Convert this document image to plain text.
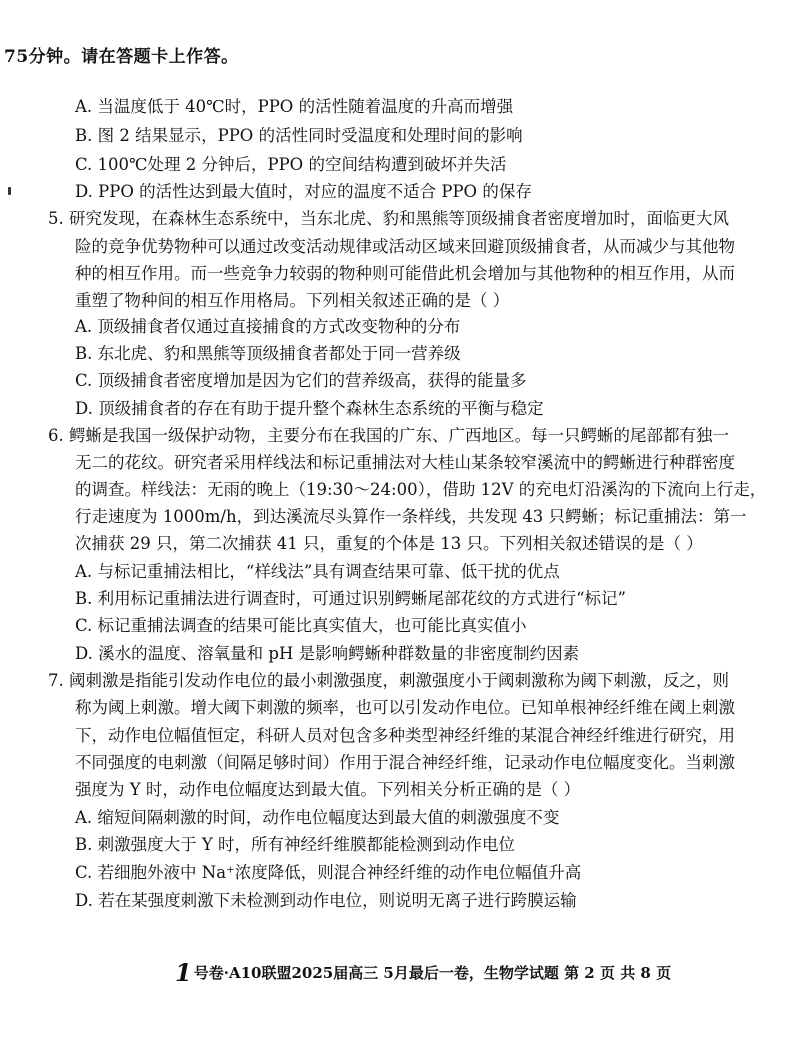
75分钟。请在答题卡上作答。
A. 当温度低于 40℃时，PPO 的活性随着温度的升高而增强
B. 图 2 结果显示，PPO 的活性同时受温度和处理时间的影响
C. 100℃处理 2 分钟后，PPO 的空间结构遭到破坏并失活
D. PPO 的活性达到最大值时，对应的温度不适合 PPO 的保存
5. 研究发现，在森林生态系统中，当东北虎、豹和黑熊等顶级捕食者密度增加时，面临更大风
险的竞争优势物种可以通过改变活动规律或活动区域来回避顶级捕食者，从而减少与其他物
种的相互作用。而一些竞争力较弱的物种则可能借此机会增加与其他物种的相互作用，从而
重塑了物种间的相互作用格局。下列相关叙述正确的是（ ）
A. 顶级捕食者仅通过直接捕食的方式改变物种的分布
B. 东北虎、豹和黑熊等顶级捕食者都处于同一营养级
C. 顶级捕食者密度增加是因为它们的营养级高，获得的能量多
D. 顶级捕食者的存在有助于提升整个森林生态系统的平衡与稳定
6. 鳄蜥是我国一级保护动物，主要分布在我国的广东、广西地区。每一只鳄蜥的尾部都有独一
无二的花纹。研究者采用样线法和标记重捕法对大桂山某条较窄溪流中的鳄蜥进行种群密度
的调查。样线法：无雨的晚上（19:30～24:00），借助 12V 的充电灯沿溪沟的下流向上行走，
行走速度为 1000m/h，到达溪流尽头算作一条样线，共发现 43 只鳄蜥；标记重捕法：第一
次捕获 29 只，第二次捕获 41 只，重复的个体是 13 只。下列相关叙述错误的是（ ）
A. 与标记重捕法相比，“样线法”具有调查结果可靠、低干扰的优点
B. 利用标记重捕法进行调查时，可通过识别鳄蜥尾部花纹的方式进行“标记”
C. 标记重捕法调查的结果可能比真实值大，也可能比真实值小
D. 溪水的温度、溶氧量和 pH 是影响鳄蜥种群数量的非密度制约因素
7. 阈刺激是指能引发动作电位的最小刺激强度，刺激强度小于阈刺激称为阈下刺激，反之，则
称为阈上刺激。增大阈下刺激的频率，也可以引发动作电位。已知单根神经纤维在阈上刺激
下，动作电位幅值恒定，科研人员对包含多种类型神经纤维的某混合神经纤维进行研究，用
不同强度的电刺激（间隔足够时间）作用于混合神经纤维，记录动作电位幅度变化。当刺激
强度为 Y 时，动作电位幅度达到最大值。下列相关分析正确的是（ ）
A. 缩短间隔刺激的时间，动作电位幅度达到最大值的刺激强度不变
B. 刺激强度大于 Y 时，所有神经纤维膜都能检测到动作电位
C. 若细胞外液中 Na⁺浓度降低，则混合神经纤维的动作电位幅值升高
D. 若在某强度刺激下未检测到动作电位，则说明无离子进行跨膜运输
1 号卷·A10联盟2025届高三 5月最后一卷，生物学试题 第 2 页 共 8 页
